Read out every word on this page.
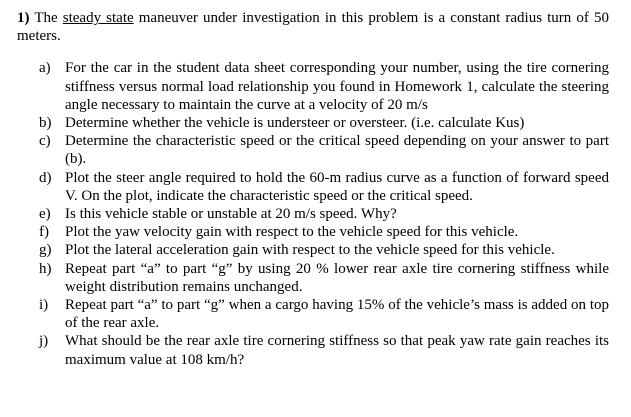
1) The steady state maneuver under investigation in this problem is a constant radius turn of 50 meters.

a) For the car in the student data sheet corresponding your number, using the tire cornering stiffness versus normal load relationship you found in Homework 1, calculate the steering angle necessary to maintain the curve at a velocity of 20 m/s
b) Determine whether the vehicle is understeer or oversteer. (i.e. calculate Kus)
c) Determine the characteristic speed or the critical speed depending on your answer to part (b).
d) Plot the steer angle required to hold the 60-m radius curve as a function of forward speed V. On the plot, indicate the characteristic speed or the critical speed.
e) Is this vehicle stable or unstable at 20 m/s speed. Why?
f)	Plot the yaw velocity gain with respect to the vehicle speed for this vehicle.
g) Plot the lateral acceleration gain with respect to the vehicle speed for this vehicle.
h) Repeat part “a” to part “g” by using 20 % lower rear axle tire cornering stiffness while weight distribution remains unchanged.
i)	Repeat part “a” to part “g” when a cargo having 15% of the vehicle’s mass is added on top of the rear axle.
j)	What should be the rear axle tire cornering stiffness so that peak yaw rate gain reaches its maximum value at 108 km/h?
